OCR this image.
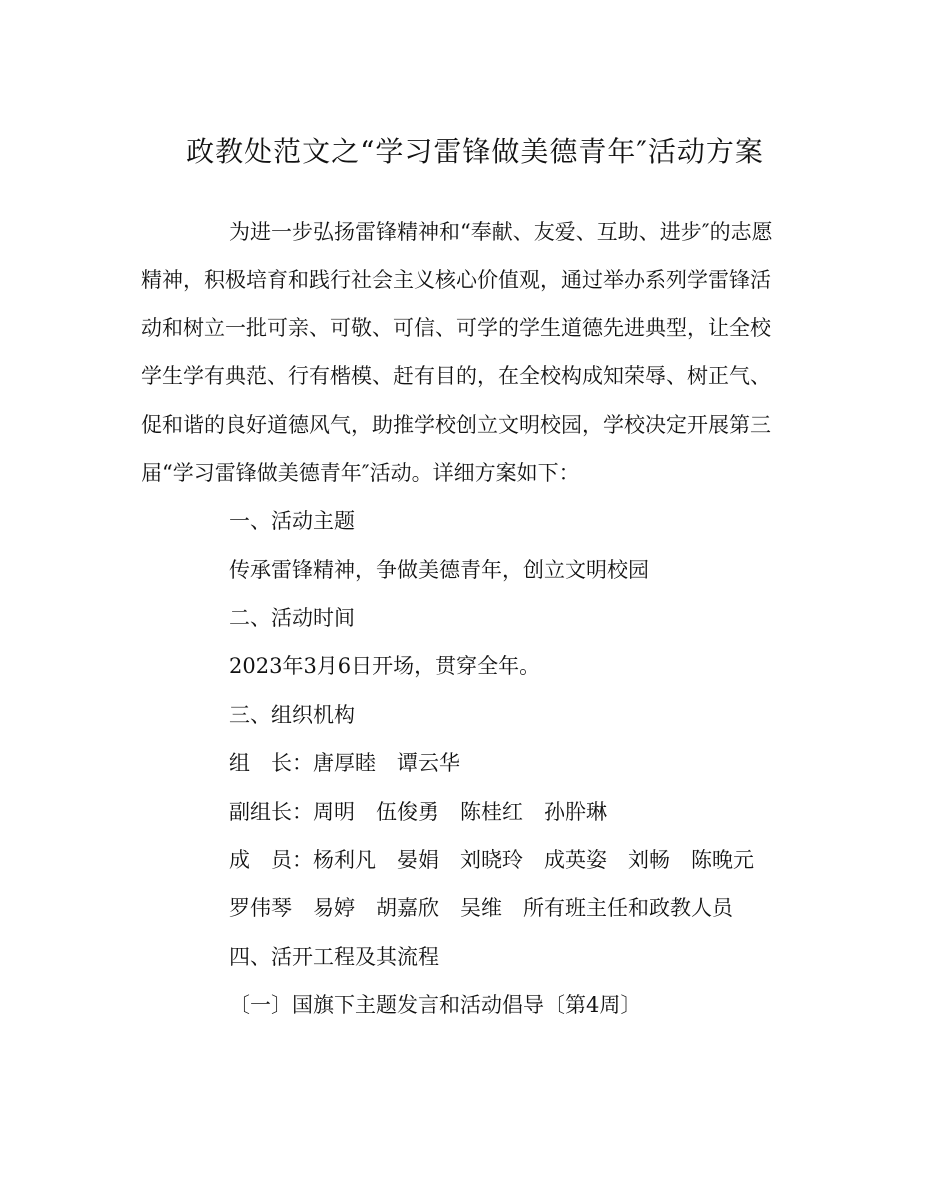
政教处范文之“学习雷锋做美德青年″活动方案
为进一步弘扬雷锋精神和“奉献、友爱、互助、进步″的志愿
精神，积极培育和践行社会主义核心价值观，通过举办系列学雷锋活
动和树立一批可亲、可敬、可信、可学的学生道德先进典型，让全校
学生学有典范、行有楷模、赶有目的，在全校构成知荣辱、树正气、
促和谐的良好道德风气，助推学校创立文明校园，学校决定开展第三
届“学习雷锋做美德青年″活动。详细方案如下：
一、活动主题
传承雷锋精神，争做美德青年，创立文明校园
二、活动时间
2023年3月6日开场，贯穿全年。
三、组织机构
组　长：唐厚睦　谭云华
副组长：周明　伍俊勇　陈桂红　孙肸琳
成　员：杨利凡　晏娟　刘晓玲　成英姿　刘畅　陈晚元
罗伟琴　易婷　胡嘉欣　吴维　所有班主任和政教人员
四、活开工程及其流程
〔一〕国旗下主题发言和活动倡导〔第4周〕
